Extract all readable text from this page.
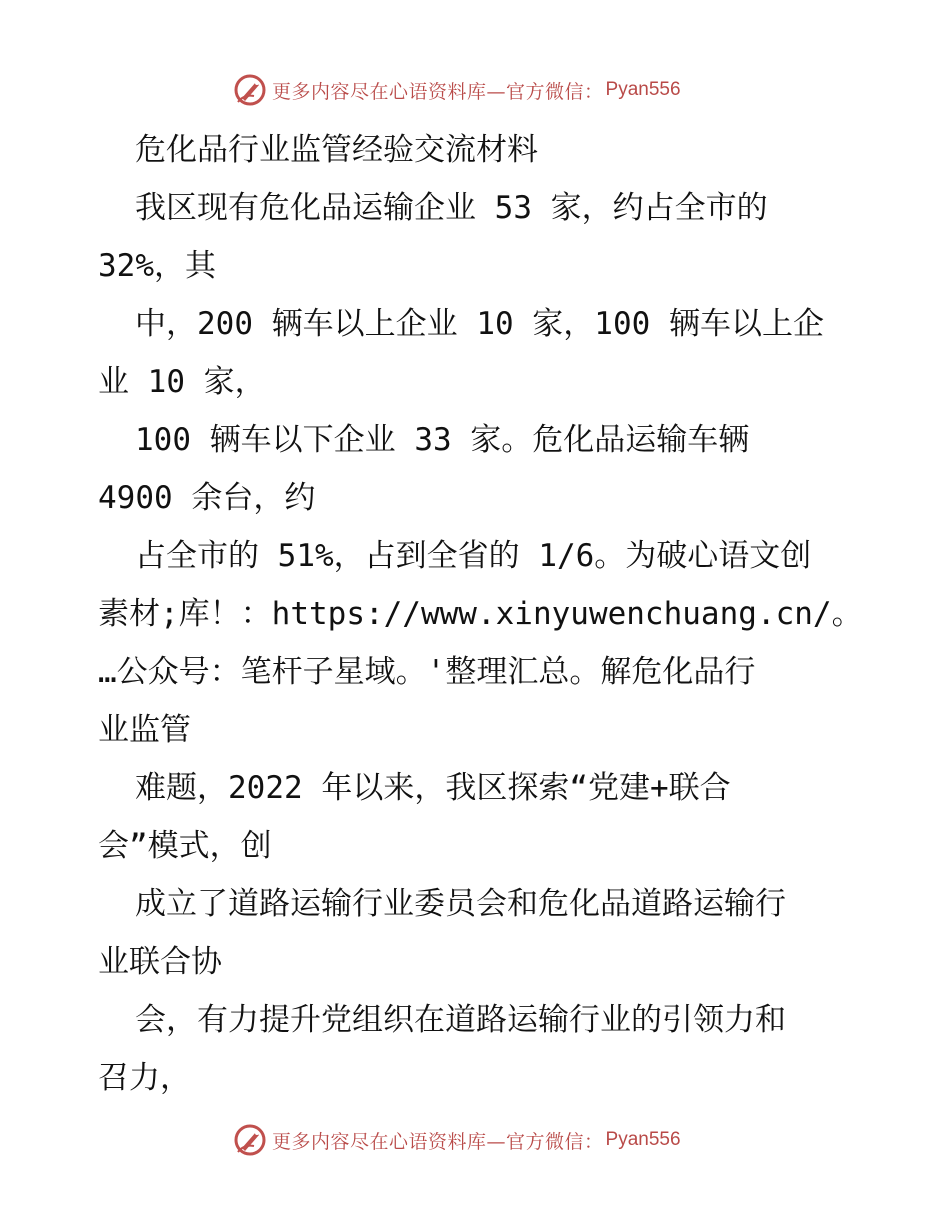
更多内容尽在心语资料库—官方微信： Pyan556
危化品行业监管经验交流材料
我区现有危化品运输企业 53 家，约占全市的
32%，其
中，200 辆车以上企业 10 家，100 辆车以上企
业 10 家，
100 辆车以下企业 33 家。危化品运输车辆
4900 余台，约
占全市的 51%，占到全省的 1/6。为破心语文创
素材;库！：https://www.xinyuwenchuang.cn/。
…公众号：笔杆子星域。'整理汇总。解危化品行
业监管
难题，2022 年以来，我区探索“党建+联合
会”模式，创
成立了道路运输行业委员会和危化品道路运输行
业联合协
会，有力提升党组织在道路运输行业的引领力和
召力，
更多内容尽在心语资料库—官方微信： Pyan556
